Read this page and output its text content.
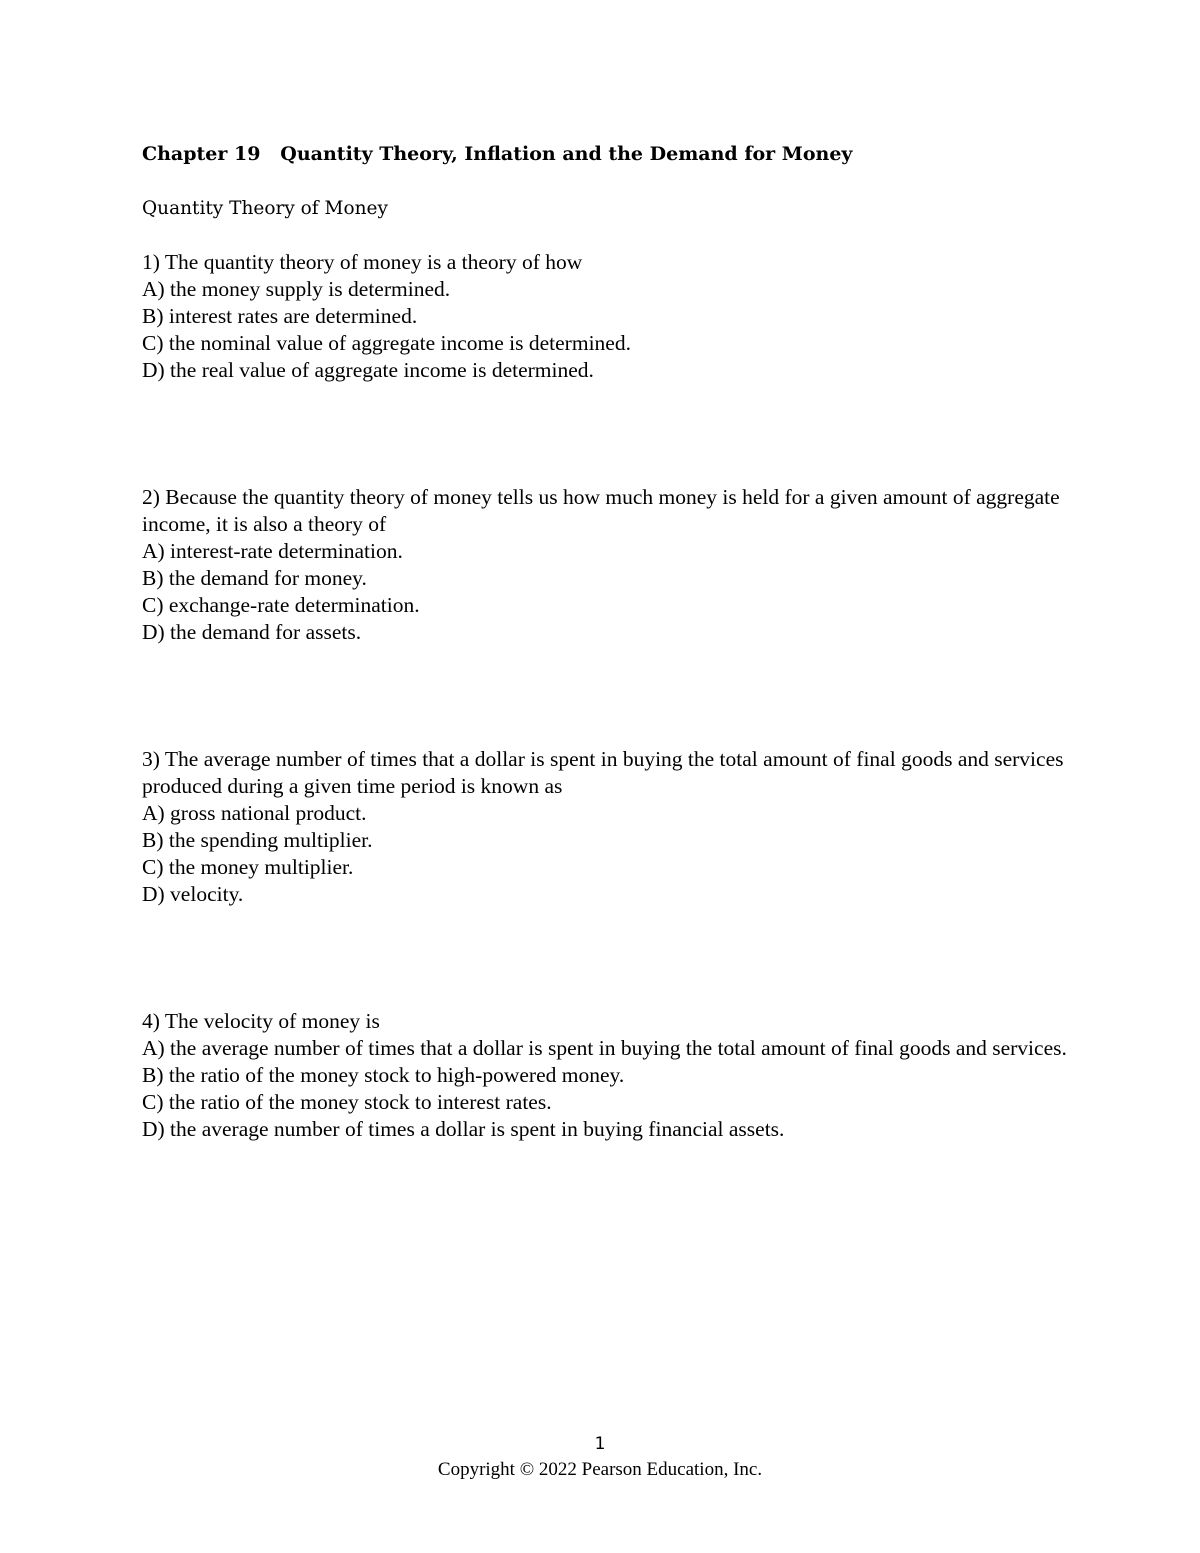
Chapter 19   Quantity Theory, Inflation and the Demand for Money
Quantity Theory of Money
1) The quantity theory of money is a theory of how
A) the money supply is determined.
B) interest rates are determined.
C) the nominal value of aggregate income is determined.
D) the real value of aggregate income is determined.
2) Because the quantity theory of money tells us how much money is held for a given amount of aggregate income, it is also a theory of
A) interest-rate determination.
B) the demand for money.
C) exchange-rate determination.
D) the demand for assets.
3) The average number of times that a dollar is spent in buying the total amount of final goods and services produced during a given time period is known as
A) gross national product.
B) the spending multiplier.
C) the money multiplier.
D) velocity.
4) The velocity of money is
A) the average number of times that a dollar is spent in buying the total amount of final goods and services.
B) the ratio of the money stock to high-powered money.
C) the ratio of the money stock to interest rates.
D) the average number of times a dollar is spent in buying financial assets.
1
Copyright © 2022 Pearson Education, Inc.
